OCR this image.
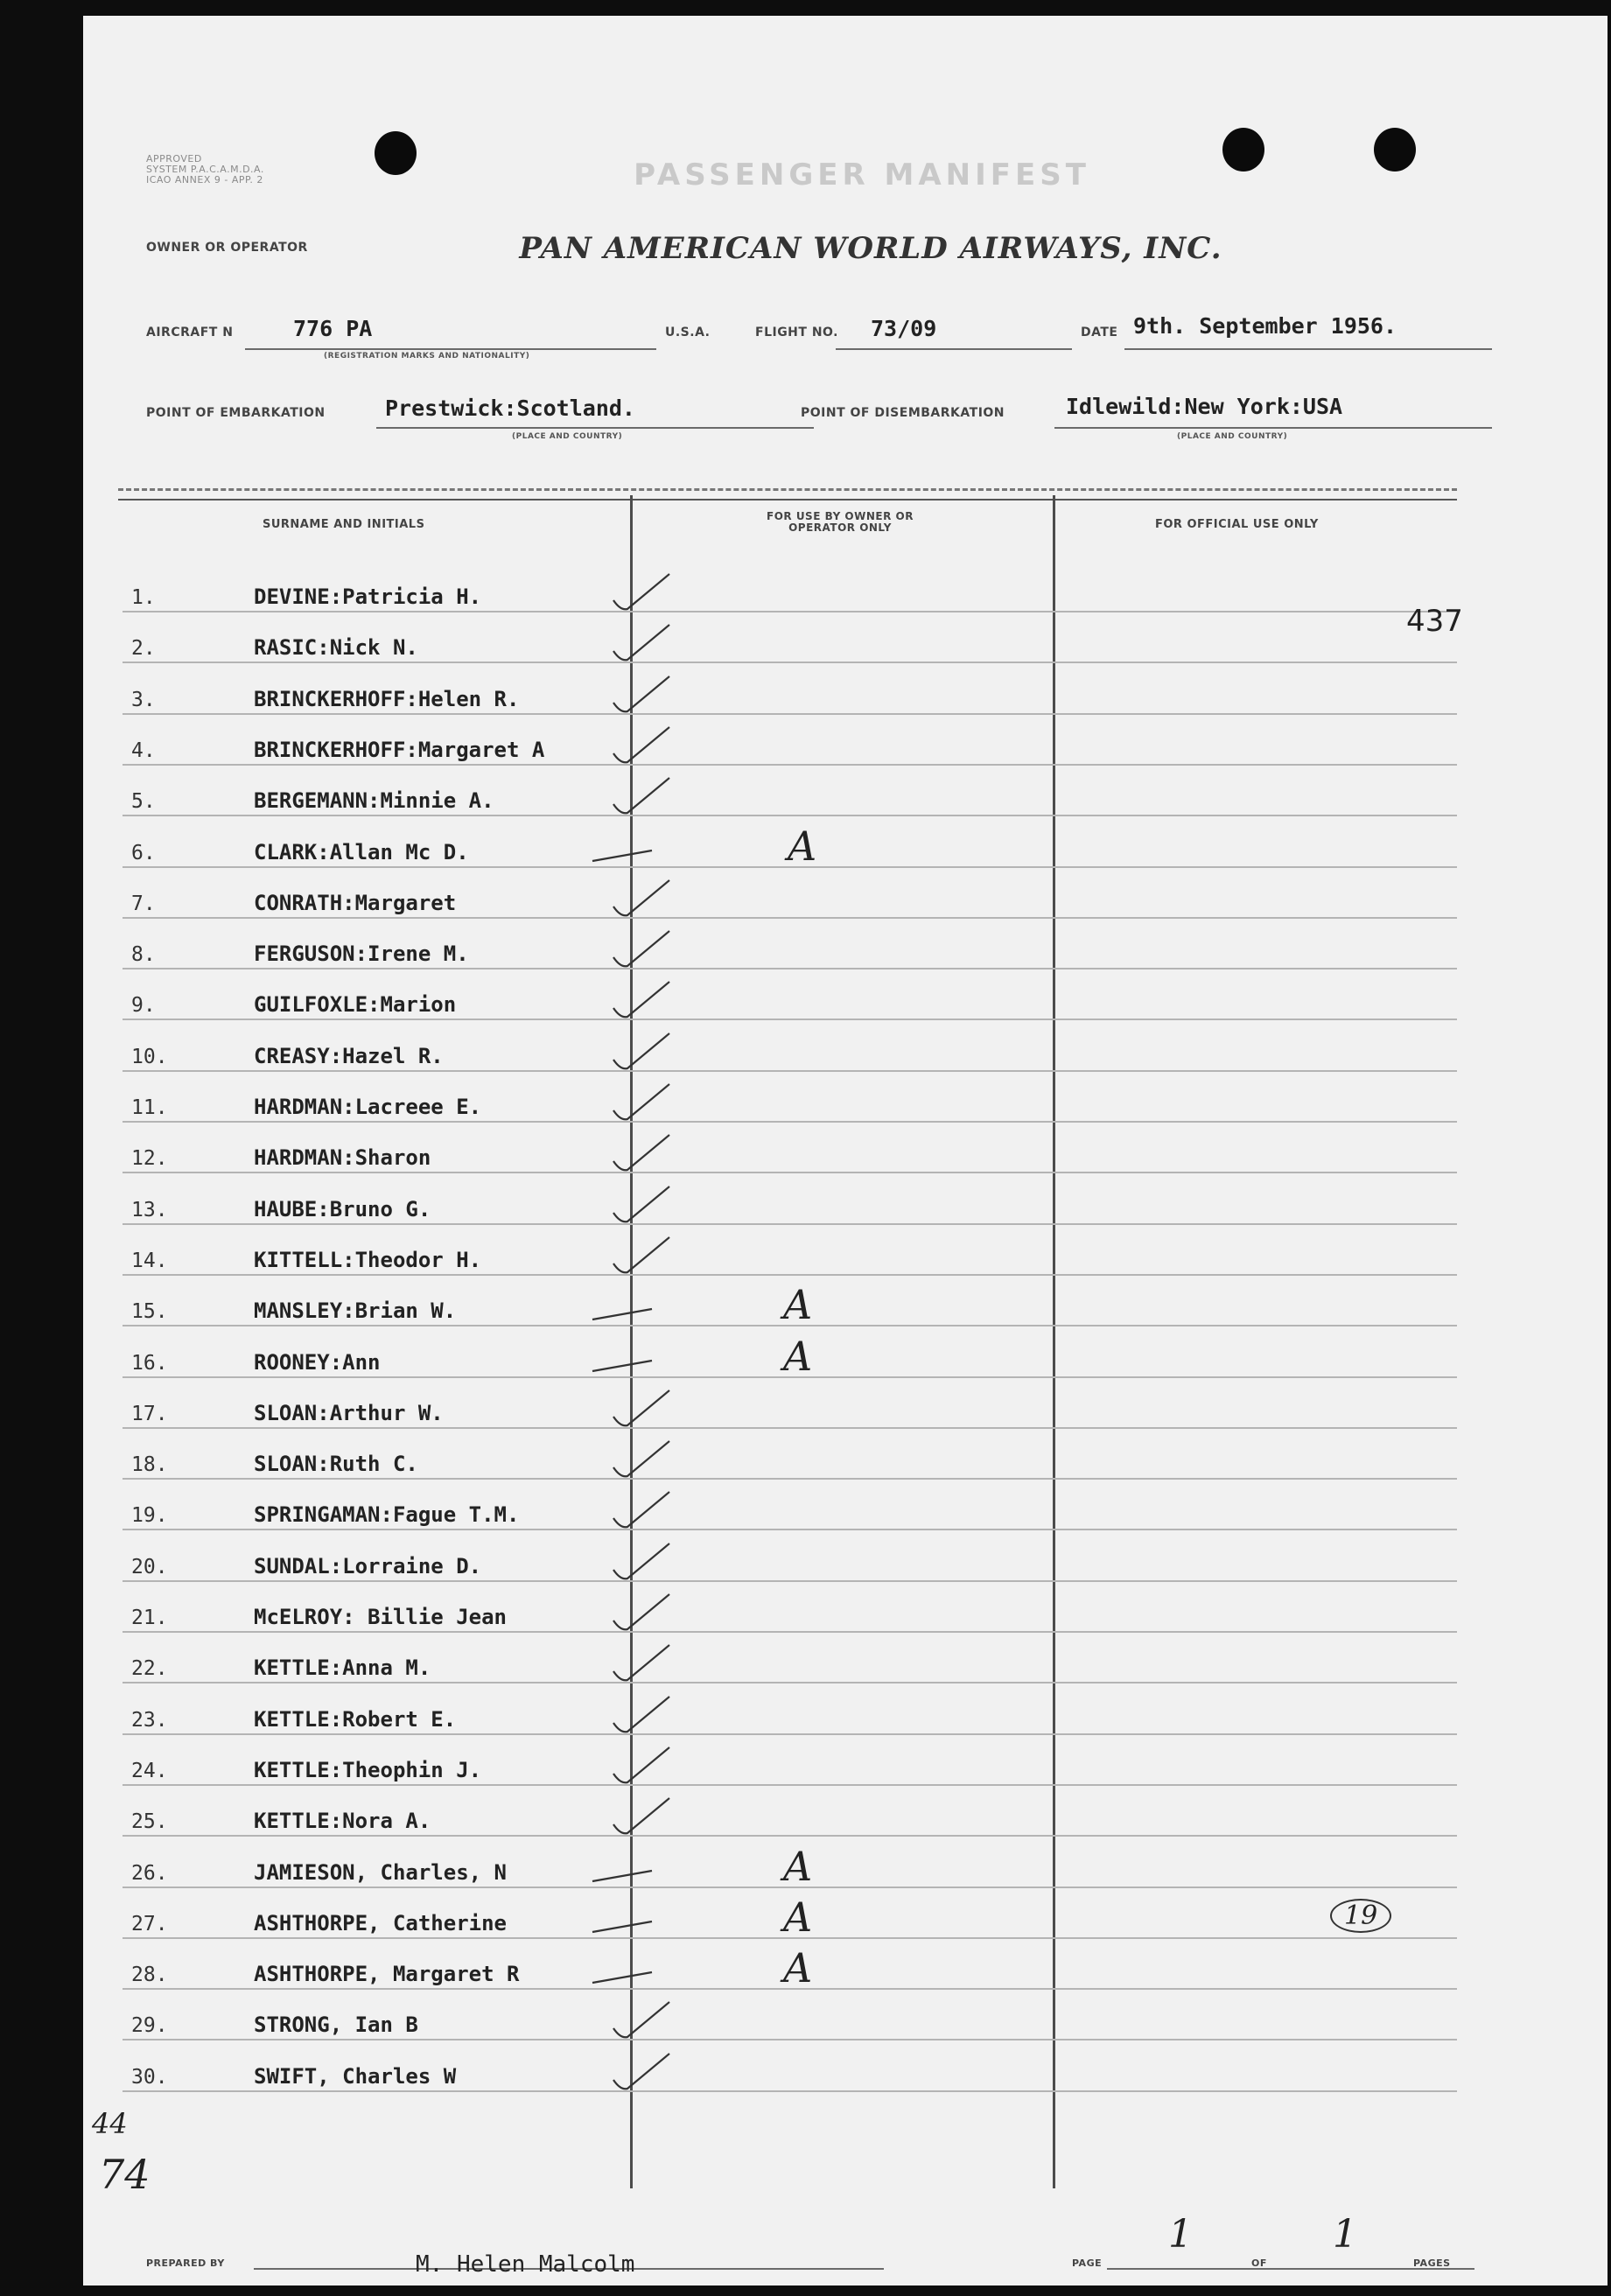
APPROVED
SYSTEM P.A.C.A.M.D.A.
ICAO ANNEX 9 - APP. 2	PASSENGER MANIFEST
PAN AMERICAN WORLD AIRWAYS, INC.
OWNER OR OPERATOR
AIRCRAFT N	776 PA
(REGISTRATION MARKS AND NATIONALITY)
U.S.A.	FLIGHT NO. 73/09	DATE 9th. September 1956.
POINT OF EMBARKATION	Prestwick:Scotland.
(PLACE AND COUNTRY)
POINT OF DISEMBARKATION	Idlewild:New York:USA
(PLACE AND COUNTRY)
SURNAME AND INITIALS
FOR USE BY OWNER OR OPERATOR ONLY	FOR OFFICIAL USE ONLY
1.	DEVINE:Patricia H.
2.	RASIC:Nick N.
3.	BRINCKERHOFF:Helen R.
4.	BRINCKERHOFF:Margaret A
5.	BERGEMANN:Minnie A.
6.	CLARK:Allan Mc D.	A
7.	CONRATH:Margaret
8.	FERGUSON:Irene M.
9.	GUILFOXLE:Marion
10.	CREASY:Hazel R.
11.	HARDMAN:Lacreee E.
12.	HARDMAN:Sharon
13.	HAUBE:Bruno G.
14.	KITTELL:Theodor H.
15.	MANSLEY:Brian W.	A
16.	ROONEY:Ann	A
17.	SLOAN:Arthur W.
18.	SLOAN:Ruth C.
19.	SPRINGAMAN:Fague T.M.
20.	SUNDAL:Lorraine D.
21.	McELROY: Billie Jean
22.	KETTLE:Anna M.
23.	KETTLE:Robert E.
24.	KETTLE:Theophin J.
25.	KETTLE:Nora A.
26.	JAMIESON, Charles, N	A
27.	ASHTHORPE, Catherine	A
28.	ASHTHORPE, Margaret R	A
29.	STRONG, Ian B
30.	SWIFT, Charles W
437
19
44
74
PREPARED BY	M. Helen Malcolm	PAGE
1
OF
1
PAGES
